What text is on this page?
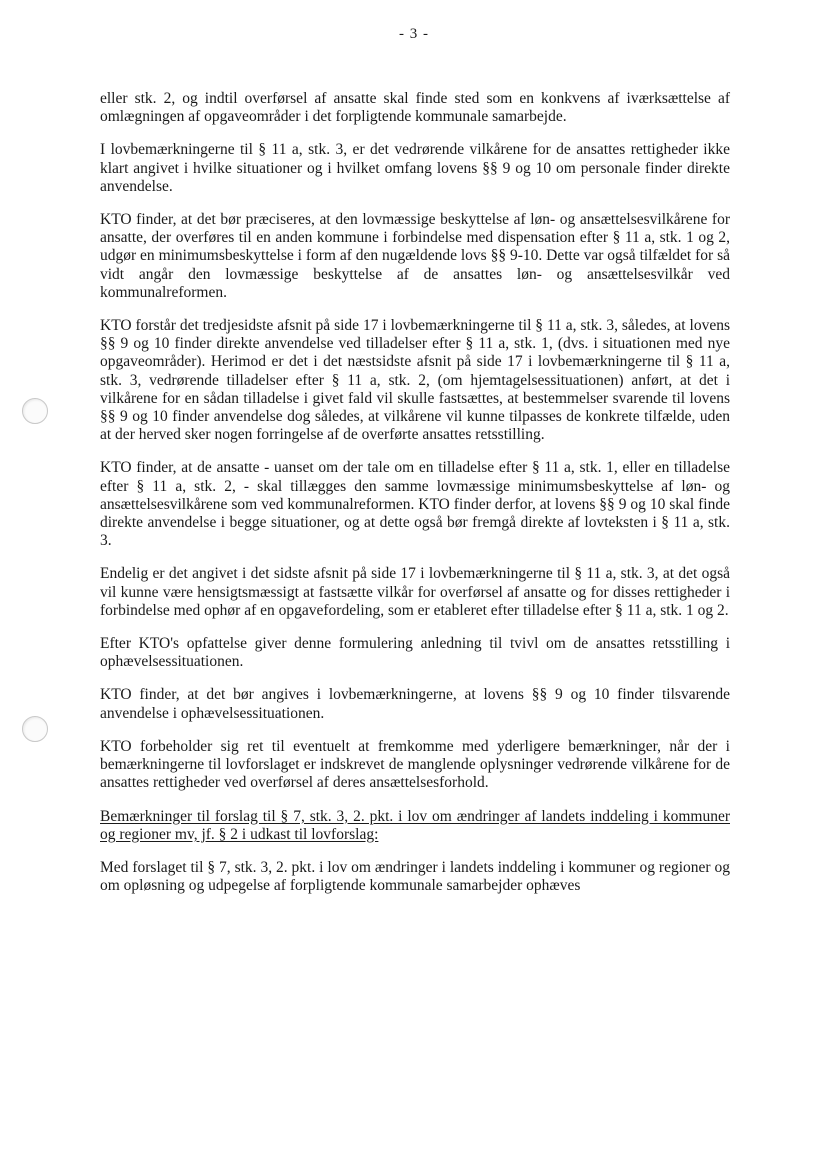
- 3 -

eller stk. 2, og indtil overførsel af ansatte skal finde sted som en konkvens af iværksættelse af omlægningen af opgaveområder i det forpligtende kommunale samarbejde.

I lovbemærkningerne til § 11 a, stk. 3, er det vedrørende vilkårene for de ansattes rettigheder ikke klart angivet i hvilke situationer og i hvilket omfang lovens §§ 9 og 10 om personale finder direkte anvendelse.

KTO finder, at det bør præciseres, at den lovmæssige beskyttelse af løn- og ansættelsesvilkårene for ansatte, der overføres til en anden kommune i forbindelse med dispensation efter § 11 a, stk. 1 og 2, udgør en minimumsbeskyttelse i form af den nugældende lovs §§ 9-10. Dette var også tilfældet for så vidt angår den lovmæssige beskyttelse af de ansattes løn- og ansættelsesvilkår ved kommunalreformen.

KTO forstår det tredjesidste afsnit på side 17 i lovbemærkningerne til § 11 a, stk. 3, således, at lovens §§ 9 og 10 finder direkte anvendelse ved tilladelser efter § 11 a, stk. 1, (dvs. i situationen med nye opgaveområder). Herimod er det i det næstsidste afsnit på side 17 i lovbemærkningerne til § 11 a, stk. 3, vedrørende tilladelser efter § 11 a, stk. 2, (om hjemtagelsessituationen) anført, at det i vilkårene for en sådan tilladelse i givet fald vil skulle fastsættes, at bestemmelser svarende til lovens §§ 9 og 10 finder anvendelse dog således, at vilkårene vil kunne tilpasses de konkrete tilfælde, uden at der herved sker nogen forringelse af de overførte ansattes retsstilling.

KTO finder, at de ansatte - uanset om der tale om en tilladelse efter § 11 a, stk. 1, eller en tilladelse efter § 11 a, stk. 2, - skal tillægges den samme lovmæssige minimumsbeskyttelse af løn- og ansættelsesvilkårene som ved kommunalreformen. KTO finder derfor, at lovens §§ 9 og 10 skal finde direkte anvendelse i begge situationer, og at dette også bør fremgå direkte af lovteksten i § 11 a, stk. 3.

Endelig er det angivet i det sidste afsnit på side 17 i lovbemærkningerne til § 11 a, stk. 3, at det også vil kunne være hensigtsmæssigt at fastsætte vilkår for overførsel af ansatte og for disses rettigheder i forbindelse med ophør af en opgavefordeling, som er etableret efter tilladelse efter § 11 a, stk. 1 og 2.

Efter KTO's opfattelse giver denne formulering anledning til tvivl om de ansattes retsstilling i ophævelsessituationen.

KTO finder, at det bør angives i lovbemærkningerne, at lovens §§ 9 og 10 finder tilsvarende anvendelse i ophævelsessituationen.

KTO forbeholder sig ret til eventuelt at fremkomme med yderligere bemærkninger, når der i bemærkningerne til lovforslaget er indskrevet de manglende oplysninger vedrørende vilkårene for de ansattes rettigheder ved overførsel af deres ansættelsesforhold.

Bemærkninger til forslag til § 7, stk. 3, 2. pkt. i lov om ændringer af landets inddeling i kommuner og regioner mv, jf. § 2 i udkast til lovforslag:

Med forslaget til § 7, stk. 3, 2. pkt. i lov om ændringer i landets inddeling i kommuner og regioner og om opløsning og udpegelse af forpligtende kommunale samarbejder ophæves
